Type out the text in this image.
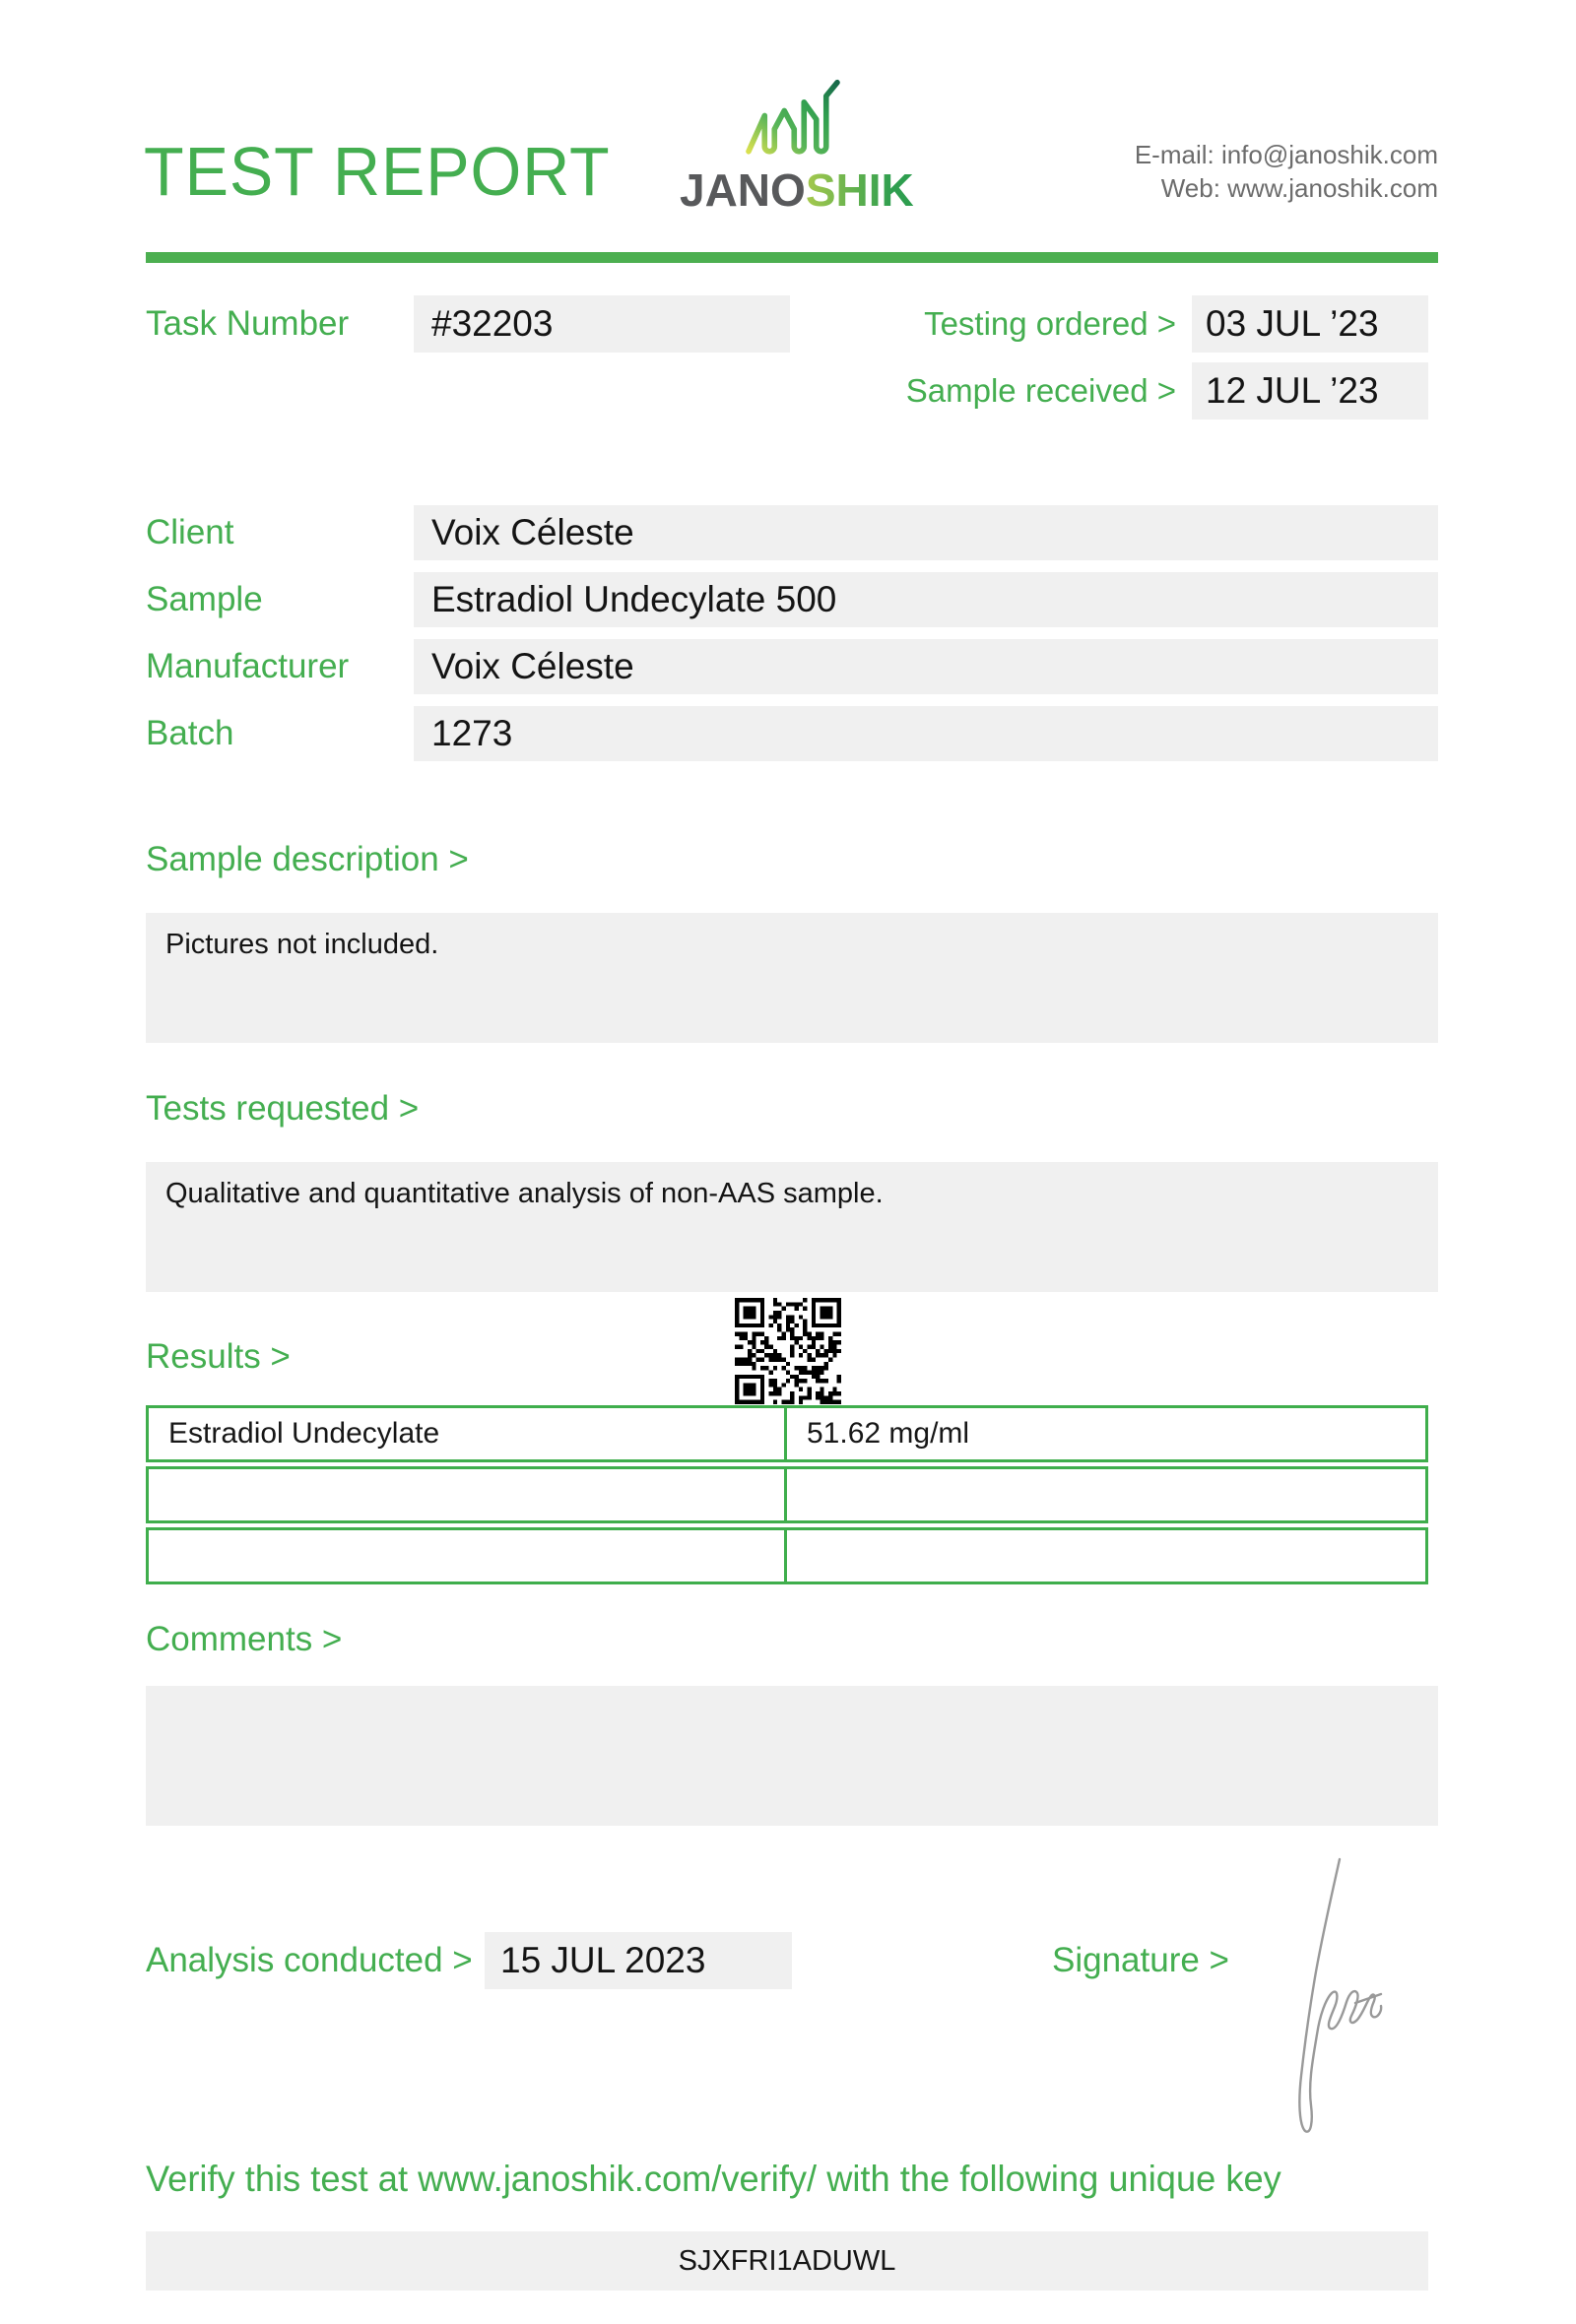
TEST REPORT JANOSHIK
E-mail: info@janoshik.com
Web: www.janoshik.com
Task Number	#32203	Testing ordered > 03 JUL ’23
Sample received > 12 JUL ’23
Client	Voix Céleste
Sample	Estradiol Undecylate 500
Manufacturer	Voix Céleste
Batch	1273
Sample description >
Pictures not included.
Tests requested >
Qualitative and quantitative analysis of non-AAS sample.
Results >
Estradiol Undecylate	51.62 mg/ml
Comments >
Analysis conducted > 15 JUL 2023	Signature >
Verify this test at www.janoshik.com/verify/ with the following unique key
SJXFRI1ADUWL
